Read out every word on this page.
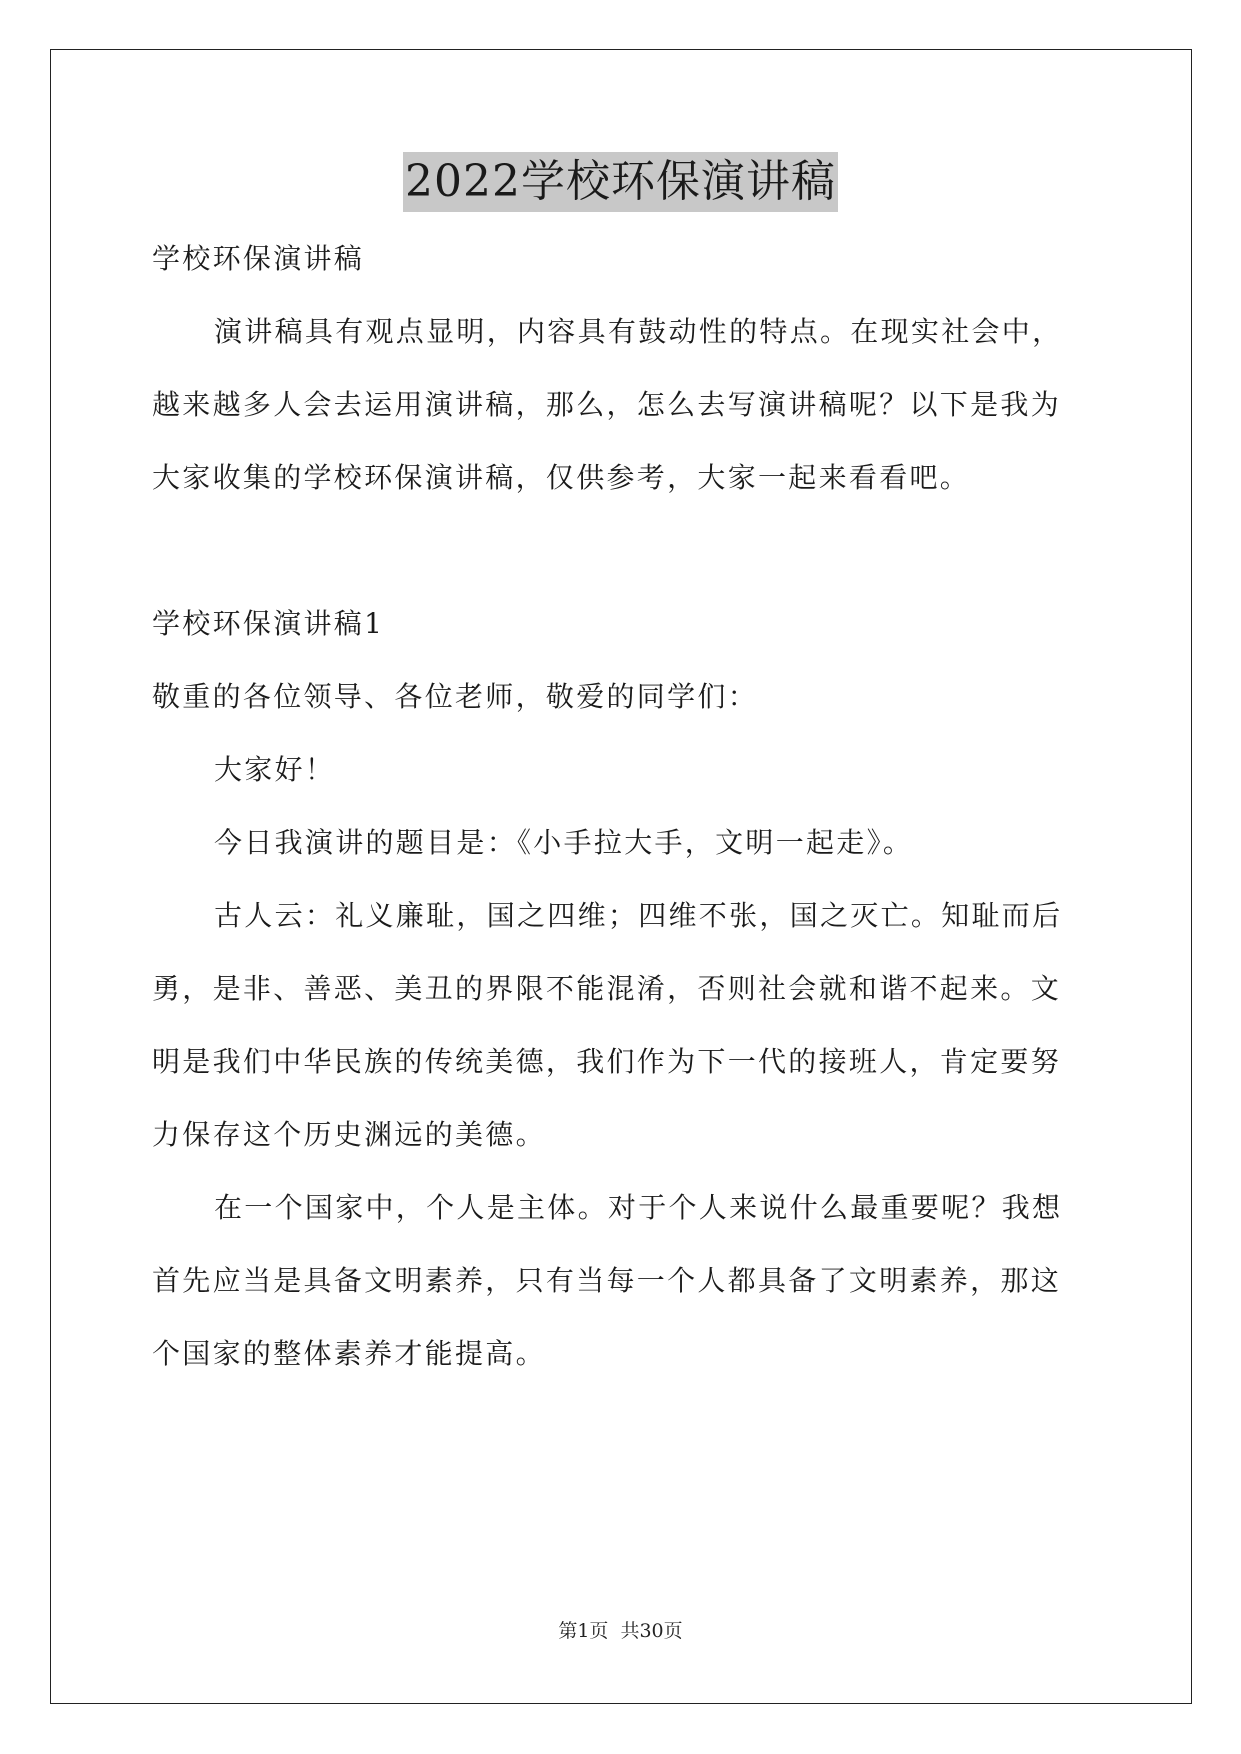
2022学校环保演讲稿
学校环保演讲稿
演讲稿具有观点显明，内容具有鼓动性的特点。在现实社会中，
越来越多人会去运用演讲稿，那么，怎么去写演讲稿呢？以下是我为
大家收集的学校环保演讲稿，仅供参考，大家一起来看看吧。
学校环保演讲稿1
敬重的各位领导、各位老师，敬爱的同学们：
大家好！
今日我演讲的题目是：《小手拉大手，文明一起走》。
古人云：礼义廉耻，国之四维；四维不张，国之灭亡。知耻而后
勇，是非、善恶、美丑的界限不能混淆，否则社会就和谐不起来。文
明是我们中华民族的传统美德，我们作为下一代的接班人，肯定要努
力保存这个历史渊远的美德。
在一个国家中，个人是主体。对于个人来说什么最重要呢？我想
首先应当是具备文明素养，只有当每一个人都具备了文明素养，那这
个国家的整体素养才能提高。
第1页 共30页
